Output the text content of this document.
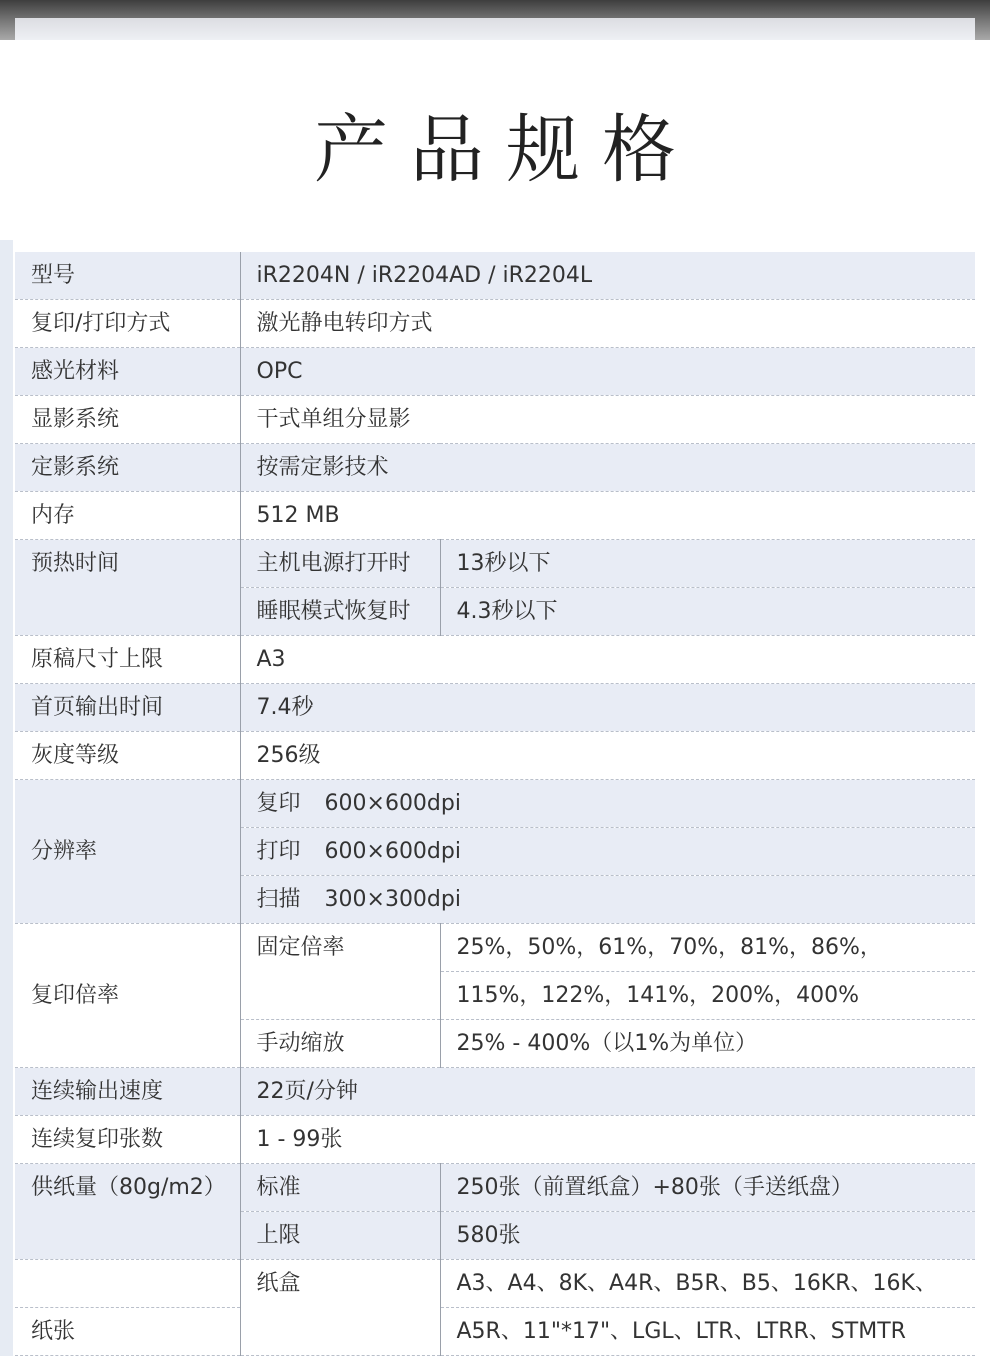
产品规格
型号	iR2204N / iR2204AD / iR2204L	
复印/打印方式	激光静电转印方式	
感光材料	OPC	
显影系统	干式单组分显影	
定影系统	按需定影技术	
内存	512 MB	
预热时间	主机电源打开时	13秒以下
	睡眠模式恢复时	4.3秒以下
原稿尺寸上限	A3	
首页输出时间	7.4秒	
灰度等级	256级	
分辨率	复印 600×600dpi	
	打印 600×600dpi	
	扫描 300×300dpi	
复印倍率	固定倍率	25%，50%，61%，70%，81%，86%，
		115%，122%，141%，200%，400%
	手动缩放	25% - 400%（以1%为单位）
连续输出速度	22页/分钟	
连续复印张数	1 - 99张	
供纸量（80g/m2）	标准	250张（前置纸盒）+80张（手送纸盘）
	上限	580张
	纸盒	A3、A4、8K、A4R、B5R、B5、16KR、16K、
纸张		A5R、11"*17"、LGL、LTR、LTRR、STMTR
